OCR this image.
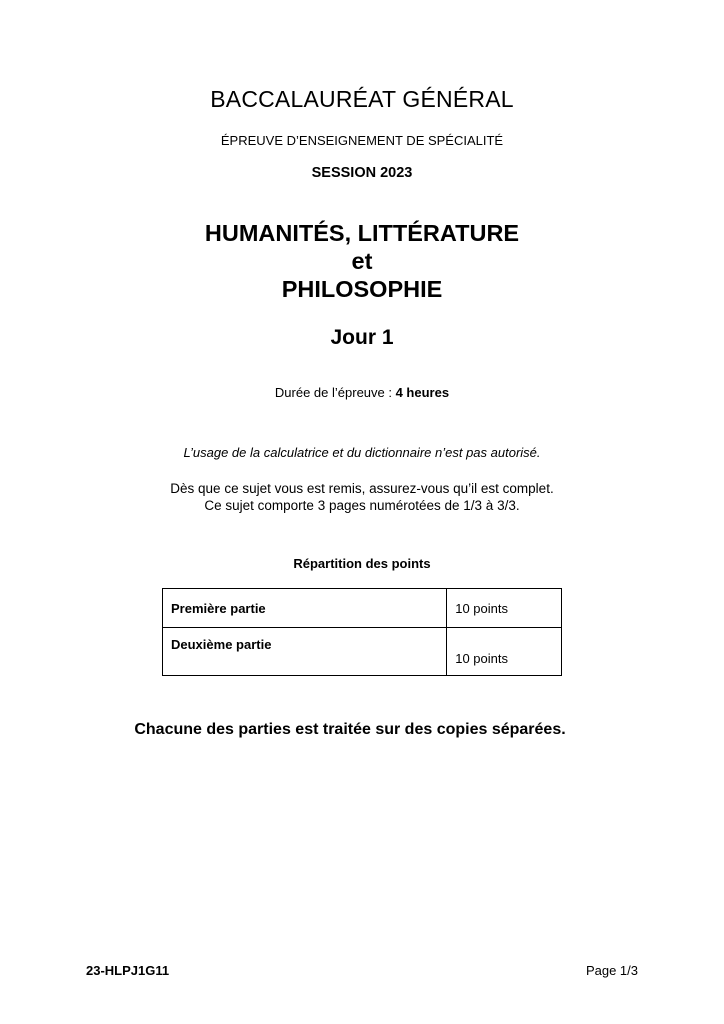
BACCALAURÉAT GÉNÉRAL
ÉPREUVE D’ENSEIGNEMENT DE SPÉCIALITÉ
SESSION 2023
HUMANITÉS, LITTÉRATURE
et
PHILOSOPHIE
Jour 1
Durée de l’épreuve : 4 heures
L’usage de la calculatrice et du dictionnaire n’est pas autorisé.
Dès que ce sujet vous est remis, assurez-vous qu’il est complet.
Ce sujet comporte 3 pages numérotées de 1/3 à 3/3.
Répartition des points
Première partie	10 points
Deuxième partie	10 points
Chacune des parties est traitée sur des copies séparées.
23-HLPJ1G11	Page 1/3
